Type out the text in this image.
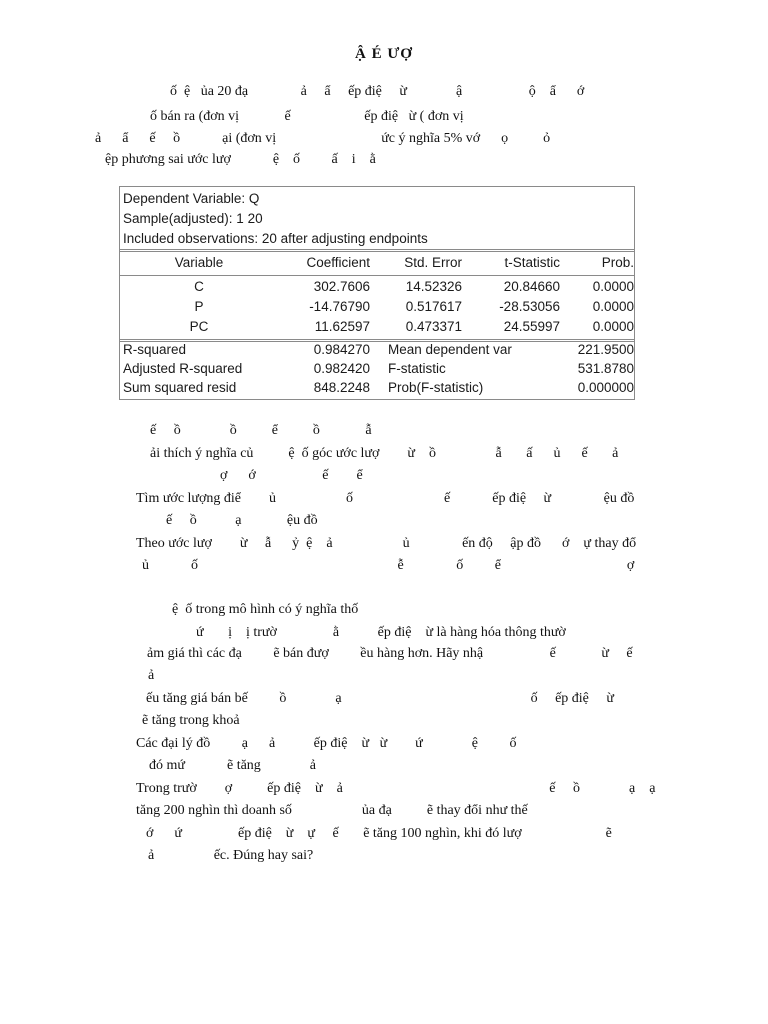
Ậ É ƯỢ

ố  ệ   ủa 20 đạ               ả     ẩ     ếp điệ     ừ              ậ                   ộ    ẩ      ớ

ố bán ra (đơn vị             ế                     ếp điệ   ừ ( đơn vị

ả      ẩ      ế     ồ            ại (đơn vị                              ức ý nghĩa 5% vớ      ọ          ỏ

ệp phương sai ước lượ            ệ    ố         ấ    i    ằ

Dependent Variable: Q
Sample(adjusted): 1 20
Included observations: 20 after adjusting endpoints
Variable	Coefficient	Std. Error	t-Statistic	Prob.
C	302.7606	14.52326	20.84660	0.0000
P	-14.76790	0.517617	-28.53056	0.0000
PC	11.62597	0.473371	24.55997	0.0000
R-squared	0.984270 Mean dependent var	221.9500
Adjusted R-squared	0.982420 F-statistic	531.8780
Sum squared resid	848.2248 Prob(F-statistic)	0.000000

ế     ồ              ồ          ể          ồ             ẫ

ải thích ý nghĩa củ          ệ  ố góc ước lượ        ừ    ồ                 ẫ       ấ      ủ      ế       ả

ợ      ớ                   ế        ể

Tìm ước lượng điể        ủ                    ố                          ế            ếp điệ     ừ               ệu đồ

ế     ồ           ạ             ệu đồ

Theo ước lượ        ừ     ẫ      ỷ  ệ    ả                    ủ               ến độ     ập đồ      ớ    ự thay đổ

ủ            ố                                                         ễ               ố         ể                                    ợ

ệ  ố trong mô hình có ý nghĩa thố

ứ       ị    ị trườ                ằ           ếp điệ    ừ là hàng hóa thông thườ

ảm giá thì các đạ         ẽ bán đượ         ều hàng hơn. Hãy nhậ                   ế             ừ     ế

ả

ếu tăng giá bán bế         ồ              ạ                                                      ố     ếp điệ     ừ

ẽ tăng trong khoả

Các đại lý đồ         ạ      ả           ếp điệ    ừ   ừ        ứ              ệ         ố

đó mứ            ẽ tăng              ả

Trong trườ        ợ          ếp điệ    ừ    ả                                                           ế     ồ              ạ    ạ

tăng 200 nghìn thì doanh số                    ủa đạ          ẽ thay đổi như thế

ớ      ứ                ếp điệ    ừ    ự     ế       ẽ tăng 100 nghìn, khi đó lượ                        ẽ

ả                 ếc. Đúng hay sai?
